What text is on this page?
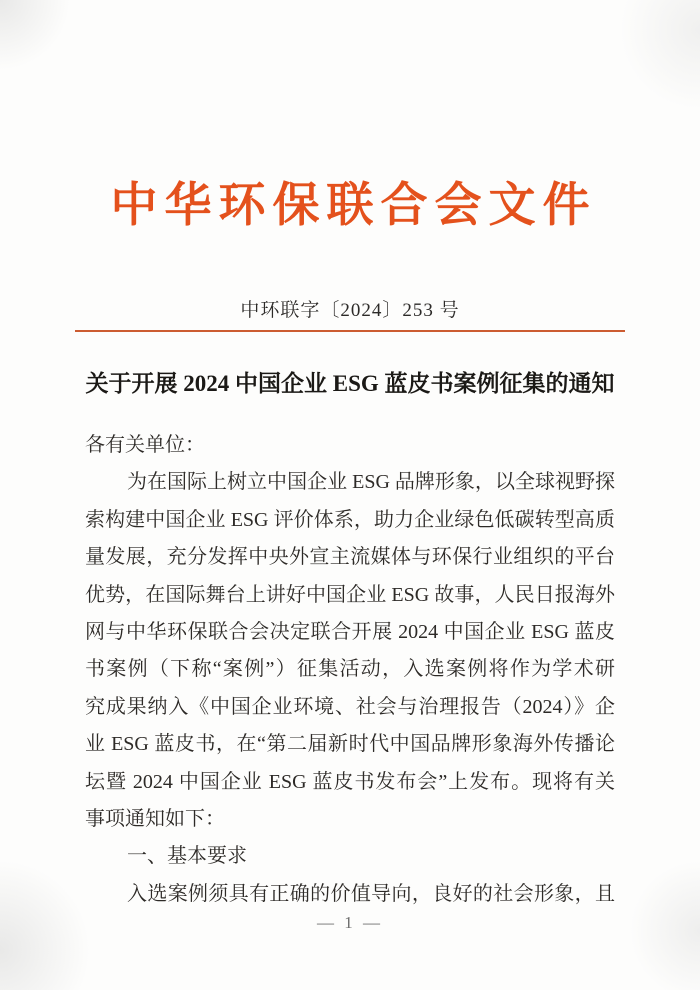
中华环保联合会文件
中环联字〔2024〕253 号
关于开展 2024 中国企业 ESG 蓝皮书案例征集的通知
各有关单位：
为在国际上树立中国企业 ESG 品牌形象，以全球视野探
索构建中国企业 ESG 评价体系，助力企业绿色低碳转型高质
量发展，充分发挥中央外宣主流媒体与环保行业组织的平台
优势，在国际舞台上讲好中国企业 ESG 故事，人民日报海外
网与中华环保联合会决定联合开展 2024 中国企业 ESG 蓝皮
书案例（下称“案例”）征集活动，入选案例将作为学术研
究成果纳入《中国企业环境、社会与治理报告（2024）》企
业 ESG 蓝皮书，在“第二届新时代中国品牌形象海外传播论
坛暨 2024 中国企业 ESG 蓝皮书发布会”上发布。现将有关
事项通知如下：
一、基本要求
入选案例须具有正确的价值导向，良好的社会形象，且
— 1 —
